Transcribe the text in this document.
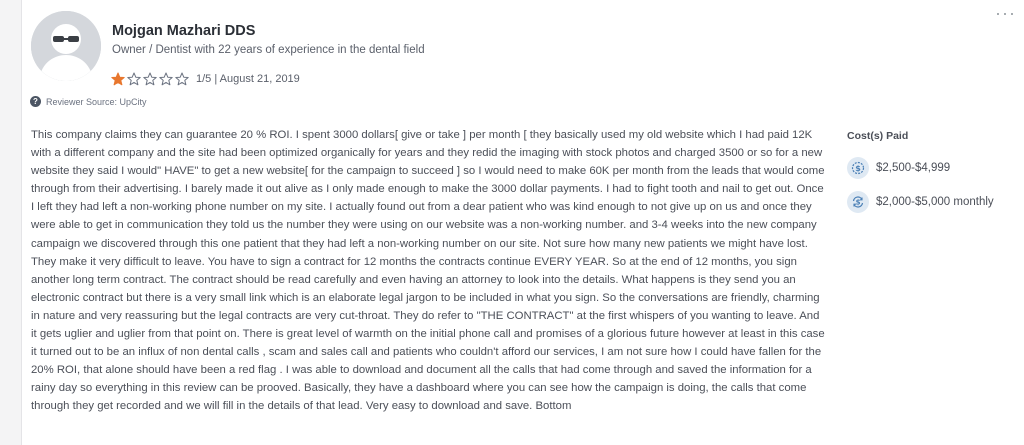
···
Mojgan Mazhari DDS
Owner / Dentist with 22 years of experience in the dental field
1/5 | August 21, 2019
? Reviewer Source: UpCity
This company claims they can guarantee 20 % ROI. I spent 3000 dollars[ give or take ] per month [ they basically used my old website which I had paid 12K with a different company and the site had been optimized organically for years and they redid the imaging with stock photos and charged 3500 or so for a new website they said I would" HAVE" to get a new website[ for the campaign to succeed ] so I would need to make 60K per month from the leads that would come through from their advertising. I barely made it out alive as I only made enough to make the 3000 dollar payments. I had to fight tooth and nail to get out. Once I left they had left a non-working phone number on my site. I actually found out from a dear patient who was kind enough to not give up on us and once they were able to get in communication they told us the number they were using on our website was a non-working number. and 3-4 weeks into the new company campaign we discovered through this one patient that they had left a non-working number on our site. Not sure how many new patients we might have lost. They make it very difficult to leave. You have to sign a contract for 12 months the contracts continue EVERY YEAR. So at the end of 12 months, you sign another long term contract. The contract should be read carefully and even having an attorney to look into the details. What happens is they send you an electronic contract but there is a very small link which is an elaborate legal jargon to be included in what you sign. So the conversations are friendly, charming in nature and very reassuring but the legal contracts are very cut-throat. They do refer to "THE CONTRACT" at the first whispers of you wanting to leave. And it gets uglier and uglier from that point on. There is great level of warmth on the initial phone call and promises of a glorious future however at least in this case it turned out to be an influx of non dental calls , scam and sales call and patients who couldn't afford our services, I am not sure how I could have fallen for the 20% ROI, that alone should have been a red flag . I was able to download and document all the calls that had come through and saved the information for a rainy day so everything in this review can be prooved. Basically, they have a dashboard where you can see how the campaign is doing, the calls that come through they get recorded and we will fill in the details of that lead. Very easy to download and save. Bottom
Cost(s) Paid
$ $2,500-$4,999
$ $2,000-$5,000 monthly
